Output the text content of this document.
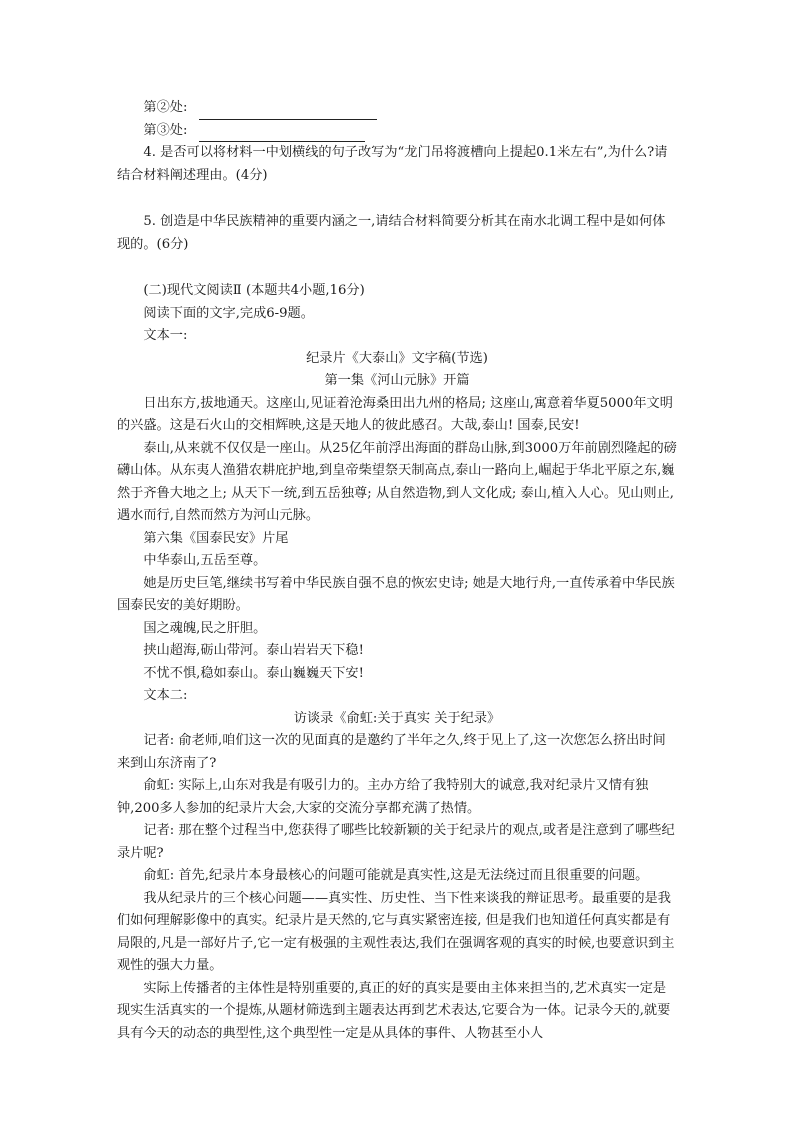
第②处:
第③处:

4. 是否可以将材料一中划横线的句子改写为“龙门吊将渡槽向上提起0.1米左右”,为什么?请结合材料阐述理由。(4分)

5. 创造是中华民族精神的重要内涵之一,请结合材料简要分析其在南水北调工程中是如何体现的。(6分)

(二)现代文阅读Ⅱ (本题共4小题,16分)

阅读下面的文字,完成6-9题。

文本一:

纪录片《大泰山》文字稿(节选)

第一集《河山元脉》开篇

日出东方,拔地通天。这座山,见证着沧海桑田出九州的格局; 这座山,寓意着华夏5000年文明的兴盛。这是石火山的交相辉映,这是天地人的彼此感召。大哉,泰山! 国泰,民安!

泰山,从来就不仅仅是一座山。从25亿年前浮出海面的群岛山脉,到3000万年前剧烈隆起的磅礴山体。从东夷人渔猎农耕庇护地,到皇帝柴望祭天制高点,泰山一路向上,崛起于华北平原之东,巍然于齐鲁大地之上; 从天下一统,到五岳独尊; 从自然造物,到人文化成; 泰山,植入人心。见山则止,遇水而行,自然而然方为河山元脉。

第六集《国泰民安》片尾

中华泰山,五岳至尊。

她是历史巨笔,继续书写着中华民族自强不息的恢宏史诗; 她是大地行舟,一直传承着中华民族国泰民安的美好期盼。

国之魂魄,民之肝胆。

挟山超海,砺山带河。泰山岩岩天下稳!

不忧不惧,稳如泰山。泰山巍巍天下安!

文本二:

访谈录《俞虹:关于真实 关于纪录》

记者: 俞老师,咱们这一次的见面真的是邀约了半年之久,终于见上了,这一次您怎么挤出时间来到山东济南了?

俞虹: 实际上,山东对我是有吸引力的。主办方给了我特别大的诚意,我对纪录片又情有独钟,200多人参加的纪录片大会,大家的交流分享都充满了热情。

记者: 那在整个过程当中,您获得了哪些比较新颖的关于纪录片的观点,或者是注意到了哪些纪录片呢?

俞虹: 首先,纪录片本身最核心的问题可能就是真实性,这是无法绕过而且很重要的问题。

我从纪录片的三个核心问题——真实性、历史性、当下性来谈我的辩证思考。最重要的是我们如何理解影像中的真实。纪录片是天然的,它与真实紧密连接, 但是我们也知道任何真实都是有局限的,凡是一部好片子,它一定有极强的主观性表达,我们在强调客观的真实的时候,也要意识到主观性的强大力量。

实际上传播者的主体性是特别重要的,真正的好的真实是要由主体来担当的,艺术真实一定是现实生活真实的一个提炼,从题材筛选到主题表达再到艺术表达,它要合为一体。记录今天的,就要具有今天的动态的典型性,这个典型性一定是从具体的事件、人物甚至小人
